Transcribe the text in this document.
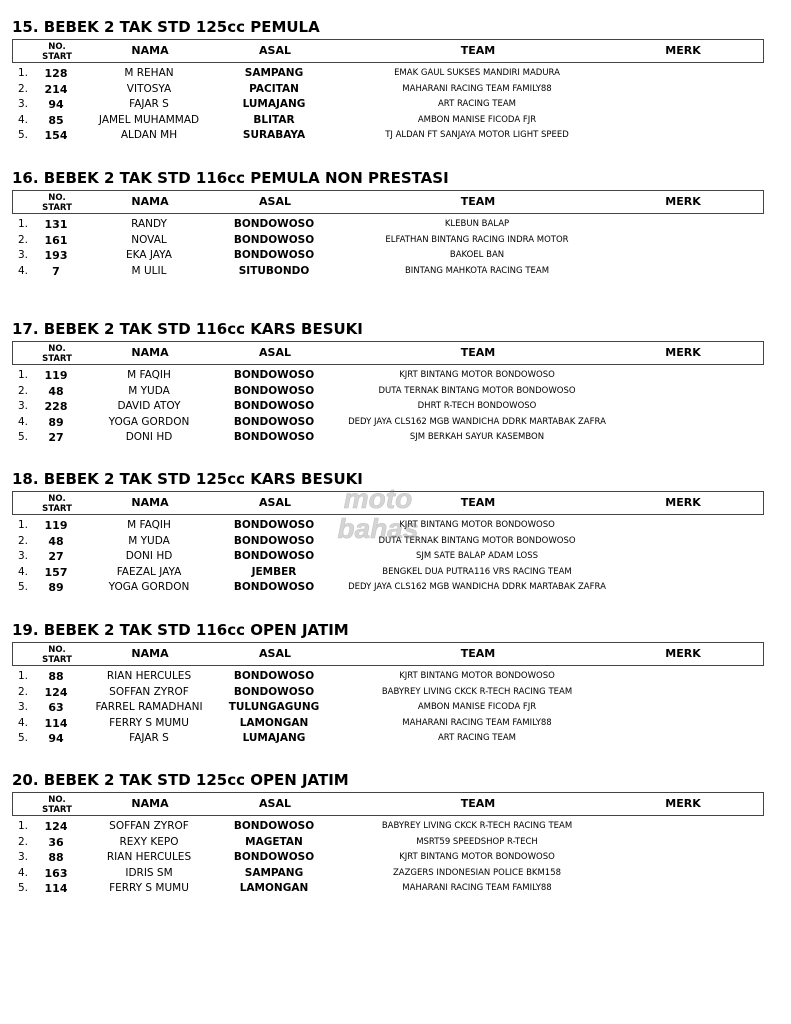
15. BEBEK 2 TAK STD 125cc PEMULA
NO.
START	NAMA	ASAL	TEAM	MERK
1.	128	M REHAN	SAMPANG	EMAK GAUL SUKSES MANDIRI MADURA
2.	214	VITOSYA	PACITAN	MAHARANI RACING TEAM FAMILY88
3.	94	FAJAR S	LUMAJANG	ART RACING TEAM
4.	85	JAMEL MUHAMMAD	BLITAR	AMBON MANISE FICODA FJR
5.	154	ALDAN MH	SURABAYA	TJ ALDAN FT SANJAYA MOTOR LIGHT SPEED
16. BEBEK 2 TAK STD 116cc PEMULA NON PRESTASI
NO.
START	NAMA	ASAL	TEAM	MERK
1.	131	RANDY	BONDOWOSO	KLEBUN BALAP
2.	161	NOVAL	BONDOWOSO	ELFATHAN BINTANG RACING INDRA MOTOR
3.	193	EKA JAYA	BONDOWOSO	BAKOEL BAN
4.	7	M ULIL	SITUBONDO	BINTANG MAHKOTA RACING TEAM
17. BEBEK 2 TAK STD 116cc KARS BESUKI
NO.
START	NAMA	ASAL	TEAM	MERK
1.	119	M FAQIH	BONDOWOSO	KJRT BINTANG MOTOR BONDOWOSO
2.	48	M YUDA	BONDOWOSO	DUTA TERNAK BINTANG MOTOR BONDOWOSO
3.	228	DAVID ATOY	BONDOWOSO	DHRT R-TECH BONDOWOSO
4.	89	YOGA GORDON	BONDOWOSO	DEDY JAYA CLS162 MGB WANDICHA DDRK MARTABAK ZAFRA
5.	27	DONI HD	BONDOWOSO	SJM BERKAH SAYUR KASEMBON
18. BEBEK 2 TAK STD 125cc KARS BESUKI
NO.
START	NAMA	ASAL	TEAM	MERK
1.	119	M FAQIH	BONDOWOSO	KJRT BINTANG MOTOR BONDOWOSO
2.	48	M YUDA	BONDOWOSO	DUTA TERNAK BINTANG MOTOR BONDOWOSO
3.	27	DONI HD	BONDOWOSO	SJM SATE BALAP ADAM LOSS
4.	157	FAEZAL JAYA	JEMBER	BENGKEL DUA PUTRA116 VRS RACING TEAM
5.	89	YOGA GORDON	BONDOWOSO	DEDY JAYA CLS162 MGB WANDICHA DDRK MARTABAK ZAFRA
19. BEBEK 2 TAK STD 116cc OPEN JATIM
NO.
START	NAMA	ASAL	TEAM	MERK
1.	88	RIAN HERCULES	BONDOWOSO	KJRT BINTANG MOTOR BONDOWOSO
2.	124	SOFFAN ZYROF	BONDOWOSO	BABYREY LIVING CKCK R-TECH RACING TEAM
3.	63	FARREL RAMADHANI	TULUNGAGUNG	AMBON MANISE FICODA FJR
4.	114	FERRY S MUMU	LAMONGAN	MAHARANI RACING TEAM FAMILY88
5.	94	FAJAR S	LUMAJANG	ART RACING TEAM
20. BEBEK 2 TAK STD 125cc OPEN JATIM
NO.
START	NAMA	ASAL	TEAM	MERK
1.	124	SOFFAN ZYROF	BONDOWOSO	BABYREY LIVING CKCK R-TECH RACING TEAM
2.	36	REXY KEPO	MAGETAN	MSRT59 SPEEDSHOP R-TECH
3.	88	RIAN HERCULES	BONDOWOSO	KJRT BINTANG MOTOR BONDOWOSO
4.	163	IDRIS SM	SAMPANG	ZAZGERS INDONESIAN POLICE BKM158
5.	114	FERRY S MUMU	LAMONGAN	MAHARANI RACING TEAM FAMILY88
moto
bahas
